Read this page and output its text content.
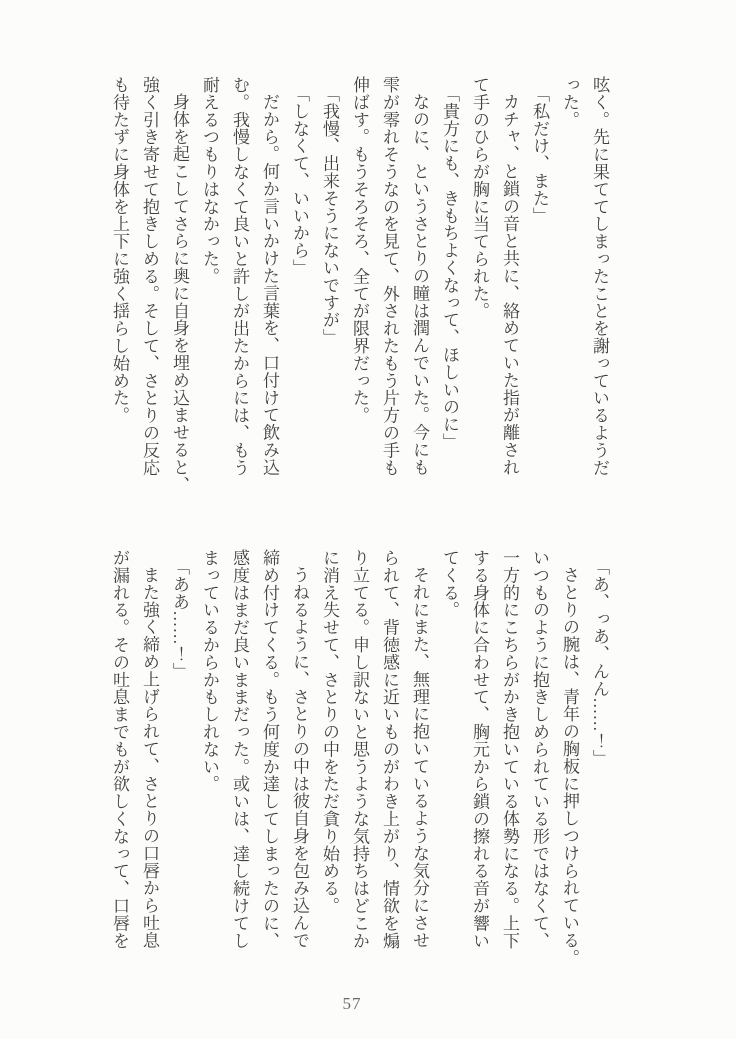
呟く。先に果ててしまったことを謝っているようだ
った。
「私だけ、また」
カチャ、と鎖の音と共に、絡めていた指が離され
て手のひらが胸に当てられた。
「貴方にも、きもちよくなって、ほしいのに」
なのに、というさとりの瞳は潤んでいた。今にも
雫が零れそうなのを見て、外されたもう片方の手も
伸ばす。もうそろそろ、全てが限界だった。
「我慢、出来そうにないですが」
「しなくて、いいから」
だから。何か言いかけた言葉を、口付けて飲み込
む。我慢しなくて良いと許しが出たからには、もう
耐えるつもりはなかった。
身体を起こしてさらに奥に自身を埋め込ませると、
強く引き寄せて抱きしめる。そして、さとりの反応
も待たずに身体を上下に強く揺らし始めた。
「あ、っあ、んん……！」
さとりの腕は、青年の胸板に押しつけられている。
いつものように抱きしめられている形ではなくて、
一方的にこちらがかき抱いている体勢になる。上下
する身体に合わせて、胸元から鎖の擦れる音が響い
てくる。
それにまた、無理に抱いているような気分にさせ
られて、背徳感に近いものがわき上がり、情欲を煽
り立てる。申し訳ないと思うような気持ちはどこか
に消え失せて、さとりの中をただ貪り始める。
うねるように、さとりの中は彼自身を包み込んで
締め付けてくる。もう何度か達してしまったのに、
感度はまだ良いままだった。或いは、達し続けてし
まっているからかもしれない。
「ああ……！」
また強く締め上げられて、さとりの口唇から吐息
が漏れる。その吐息までもが欲しくなって、口唇を
57
